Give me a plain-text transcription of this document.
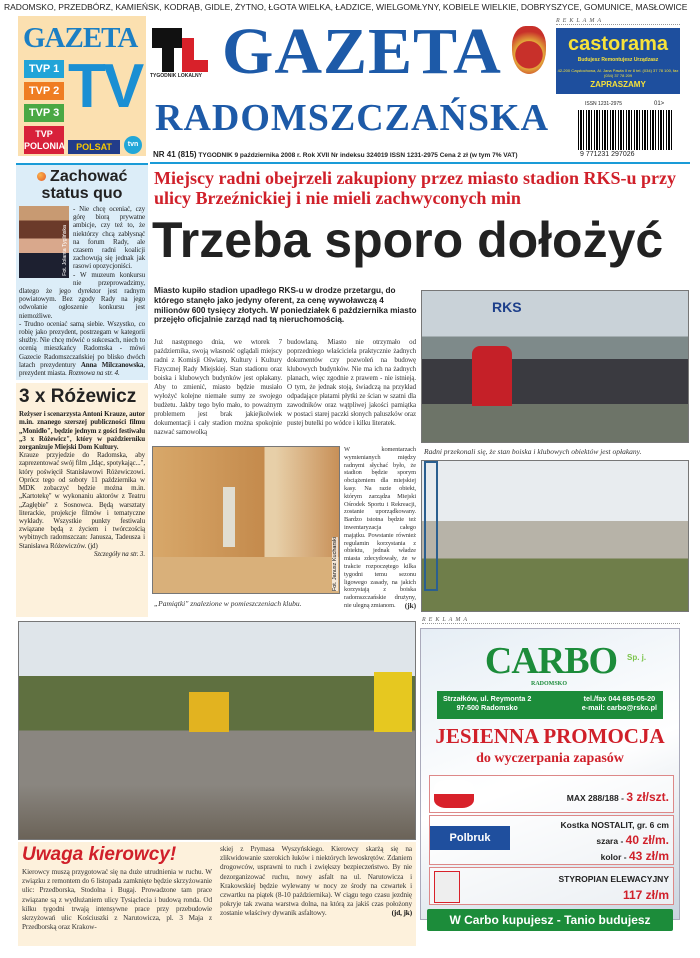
RADOMSKO, PRZEDBÓRZ, KAMIEŃSK, KODRĄB, GIDLE, ŻYTNO, ŁGOTA WIELKA, ŁADZICE, WIELGOMŁYNY, KOBIELE WIELKIE, DOBRYSZYCE, GOMUNICE, MASŁOWICE
GAZETA
TV
TVP 1
TVP 2
TVP 3
TVP POLONIA	POLSAT	tvn
TYGODNIK LOKALNY GAZETA
RADOMSZCZAŃSKA
REKLAMA
castorama
Budujesz Remontujesz Urządzasz
42-200 Częstochowa, Al. Jana Pawła II nr 8 tel. (034) 37 78 100, fax (034) 37 78 209
ZAPRASZAMY
ISSN 1231-2975	01>
9 771231 297026
NR 41 (815) TYGODNIK 9 października 2008 r. Rok XVII Nr indeksu 324019 ISSN 1231-2975 Cena 2 zł (w tym 7% VAT)
Zachować status quo
Fot. Jolanta Tyglińska

- Nie chcę oceniać, czy górę biorą prywatne ambicje, czy też to, że niektórzy chcą zabłysnąć na forum Rady, ale czasem radni koalicji zachowują się jednak jak rasowi opozycjoniści.

- W muzeum konkursu nie przeprowadzimy, dlatego że jego dyrektor jest radnym powiatowym. Bez zgody Rady na jego odwołanie ogłoszenie konkursu jest niemożliwe.

- Trudno oceniać samą siebie. Wszystko, co robię jako prezydent, postrzegam w kategorii służby. Nie chcę mówić o sukcesach, niech to ocenią mieszkańcy Radomska - mówi Gazecie Radomszczańskiej po blisko dwóch latach prezydentury Anna Milczanowska, prezydent miasta. Rozmowa na str. 4.

3 x Różewicz

Reżyser i scenarzysta Antoni Krauze, autor m.in. znanego szerszej publiczności filmu „Monidło", będzie jednym z gości festiwalu „3 x Różewicz", który w październiku zorganizuje Miejski Dom Kultury.

Krauze przyjedzie do Radomska, aby zaprezentować swój film „Idąc, spotykając...", który poświęcił Stanisławowi Różewiczowi. Oprócz tego od soboty 11 października w MDK zobaczyć będzie można m.in. „Kartotekę" w wykonaniu aktorów z Teatru „Zagłębie" z Sosnowca. Będą warsztaty literackie, projekcje filmów i tematyczne wykłady. Wszystkie punkty festiwalu związane będą z życiem i twórczością wybitnych radomszczan: Janusza, Tadeusza i Stanisława Różewiczów. (jd)
Szczegóły na str. 3.

Miejscy radni obejrzeli zakupiony przez miasto stadion RKS-u przy ulicy Brzeźnickiej i nie mieli zachwyconych min
Trzeba sporo dołożyć
Miasto kupiło stadion upadłego RKS-u w drodze przetargu, do którego stanęło jako jedyny oferent, za cenę wywoławczą 4 milionów 600 tysięcy złotych. W poniedziałek 6 października miasto przejęło oficjalnie zarząd nad tą nieruchomością.
Już następnego dnia, we wtorek 7 października, swoją własność oglądali miejscy radni z Komisji Oświaty, Kultury i Kultury Fizycznej Rady Miejskiej. Stan stadionu oraz boiska i klubowych budynków jest opłakany. Aby to zmienić, miasto będzie musiało wyłożyć kolejne niemałe sumy ze swojego budżetu. Jakby tego było mało, to poważnym problemem jest brak jakiejkolwiek dokumentacji i cały stadion można spokojnie nazwać samowolką
budowlaną. Miasto nie otrzymało od poprzedniego właściciela praktycznie żadnych dokumentów czy pozwoleń na budowę klubowych budynków. Nie ma ich na żadnych planach, więc zgodnie z prawem - nie istnieją. O tym, że jednak stoją, świadczą na przykład odpadające płatami płytki ze ścian w szatni dla zawodników oraz wątpliwej jakości pamiątka w postaci starej paczki słonych paluszków oraz pustej butelki po wódce i kilku literatek.
W komentarzach wymienianych między radnymi słychać było, że stadion będzie sporym obciążeniem dla miejskiej kasy. Na razie obiekt, którym zarządza Miejski Ośrodek Sportu i Rekreacji, zostanie uporządkowany. Bardzo istotna będzie też inwentaryzacja całego majątku. Powstanie również regulamin korzystania z obiektu, jednak władze miasta zdecydowały, że w trakcie rozpoczętego kilka tygodni temu sezonu ligowego zasady, na jakich korzystają z boiska radomszczańskie drużyny, nie ulegną zmianom. (jk)
RKS
Radni przekonali się, że stan boiska i klubowych obiektów jest opłakany.
Fot. Janusz Kucharski
„Pamiątki" znalezione w pomieszczeniach klubu.
Uwaga kierowcy!
Kierowcy muszą przygotować się na duże utrudnienia w ruchu. W związku z remontem do 6 listopada zamknięte będzie skrzyżowanie ulic: Przedborska, Stodolna i Bugaj. Prowadzone tam prace związane są z wydłużaniem ulicy Tysiąclecia i budową ronda. Od kilku tygodni trwają intensywne prace przy przebudowie skrzyżowań ulic Kościuszki z Narutowicza, pl. 3 Maja z Przedborską oraz Krakow-
skiej z Prymasa Wyszyńskiego. Kierowcy skarżą się na zlikwidowanie szerokich łuków i niektórych lewoskrętów. Zdaniem drogowców, usprawni to ruch i zwiększy bezpieczeństwo. By nie dezorganizować ruchu, nowy asfalt na ul. Narutowicza i Krakowskiej będzie wylewany w nocy ze środy na czwartek i czwartku na piątek (8-10 października). W ciągu tego czasu jezdnię pokryje tak zwana warstwa dolna, na którą za jakiś czas położony zostanie właściwy dywanik asfaltowy.	(jd, jk)
REKLAMA
CARBO
RADOMSKO
Sp. j.
Strzałków, ul. Reymonta 2
97-500 Radomsko
tel./fax 044 685-05-20
e-mail: carbo@rsko.pl
JESIENNA PROMOCJA
do wyczerpania zapasów
MAX 288/188 - 3 zł/szt.
Polbruk
Kostka NOSTALIT, gr. 6 cm
szara - 40 zł/m.
kolor - 43 zł/m
STYROPIAN ELEWACYJNY
117 zł/m
W Carbo kupujesz - Tanio budujesz
